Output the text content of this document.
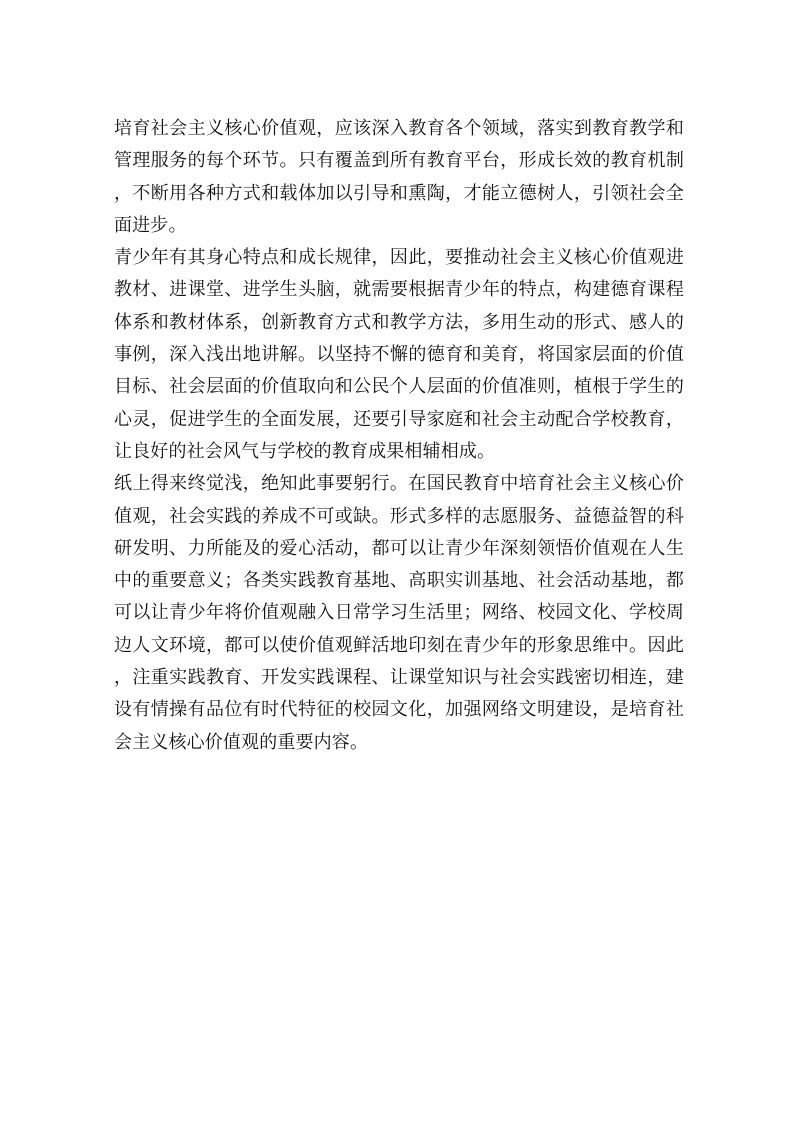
培育社会主义核心价值观，应该深入教育各个领域，落实到教育教学和管理服务的每个环节。只有覆盖到所有教育平台，形成长效的教育机制，不断用各种方式和载体加以引导和熏陶，才能立德树人，引领社会全面进步。

青少年有其身心特点和成长规律，因此，要推动社会主义核心价值观进教材、进课堂、进学生头脑，就需要根据青少年的特点，构建德育课程体系和教材体系，创新教育方式和教学方法，多用生动的形式、感人的事例，深入浅出地讲解。以坚持不懈的德育和美育，将国家层面的价值目标、社会层面的价值取向和公民个人层面的价值准则，植根于学生的心灵，促进学生的全面发展，还要引导家庭和社会主动配合学校教育，让良好的社会风气与学校的教育成果相辅相成。

纸上得来终觉浅，绝知此事要躬行。在国民教育中培育社会主义核心价值观，社会实践的养成不可或缺。形式多样的志愿服务、益德益智的科研发明、力所能及的爱心活动，都可以让青少年深刻领悟价值观在人生中的重要意义；各类实践教育基地、高职实训基地、社会活动基地，都可以让青少年将价值观融入日常学习生活里；网络、校园文化、学校周边人文环境，都可以使价值观鲜活地印刻在青少年的形象思维中。因此，注重实践教育、开发实践课程、让课堂知识与社会实践密切相连，建设有情操有品位有时代特征的校园文化，加强网络文明建设，是培育社会主义核心价值观的重要内容。
